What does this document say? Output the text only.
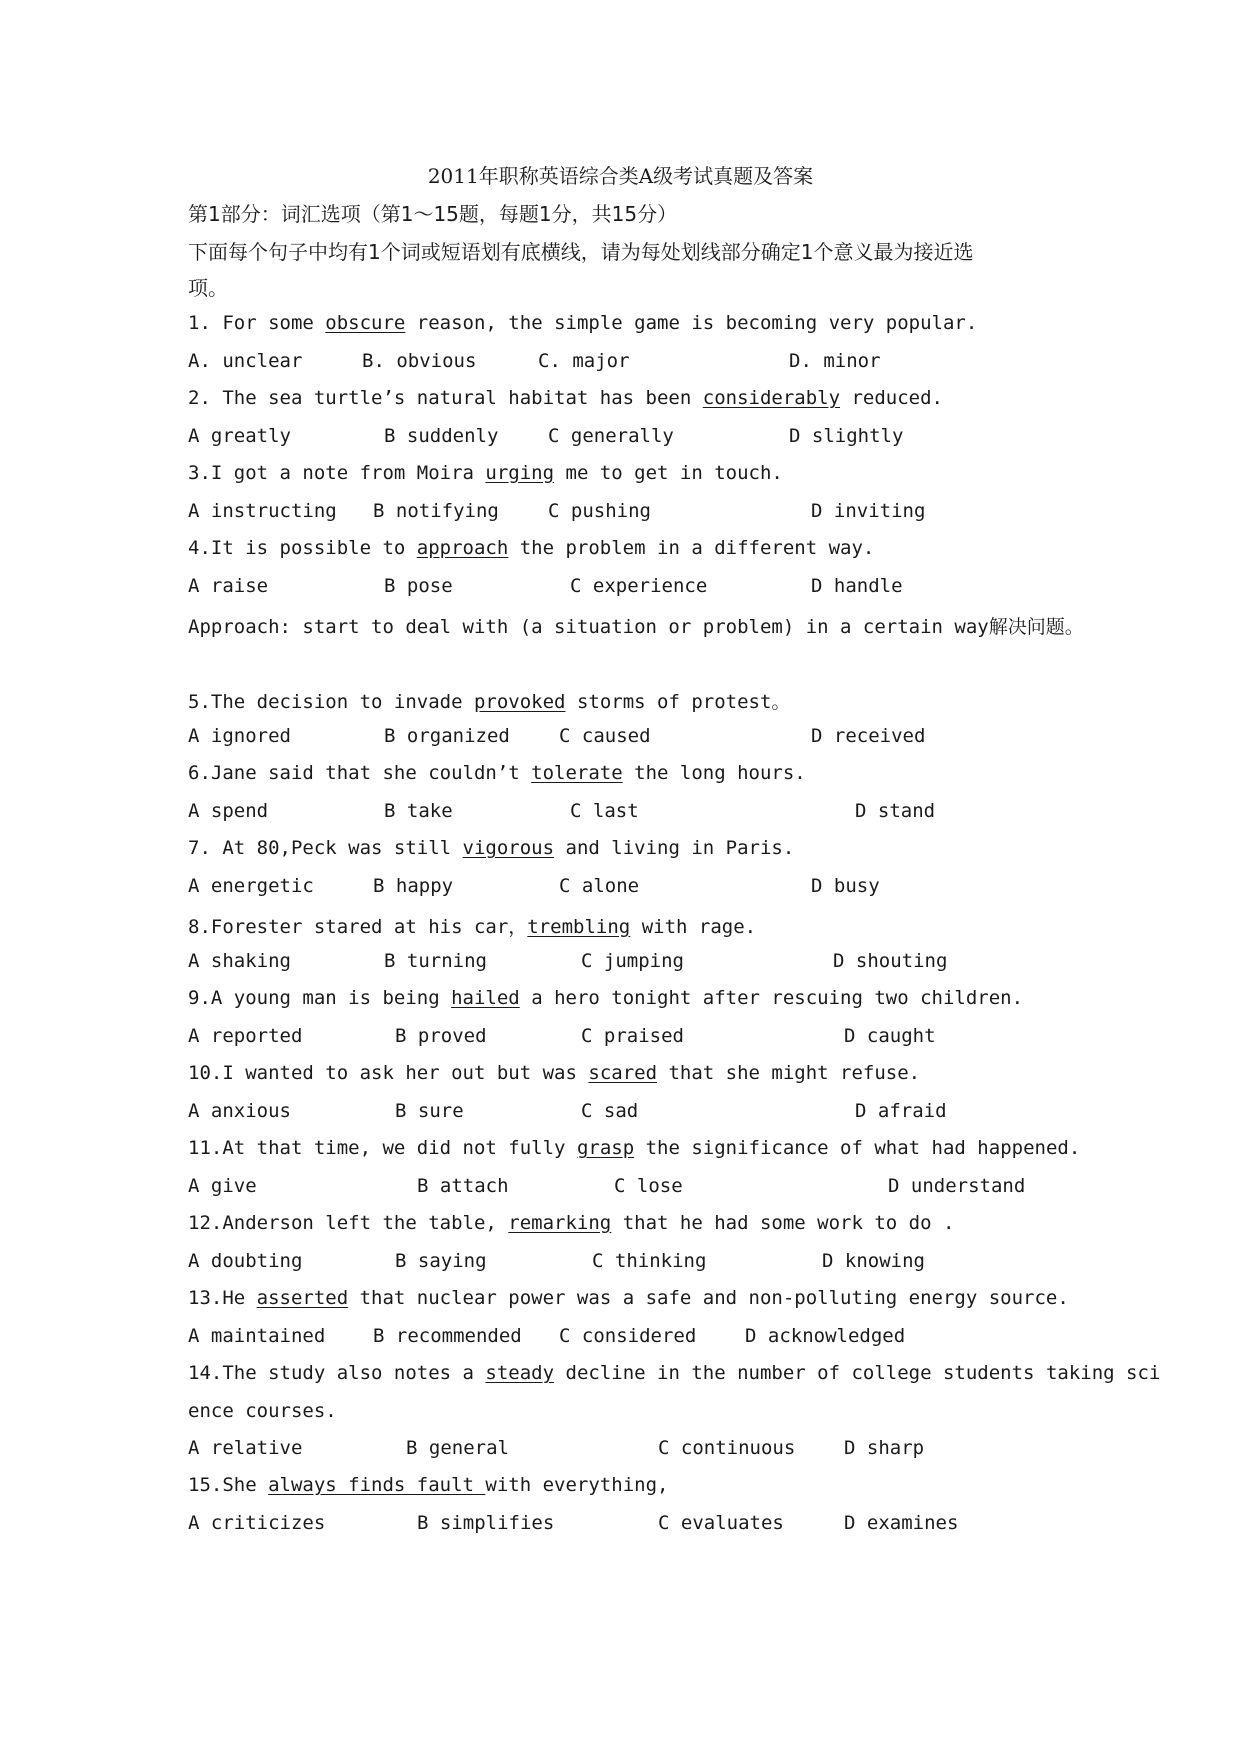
2011年职称英语综合类A级考试真题及答案
第1部分：词汇选项（第1～15题，每题1分，共15分）
下面每个句子中均有1个词或短语划有底横线，请为每处划线部分确定1个意义最为接近选
项。
1. For some obscure reason, the simple game is becoming very popular.
A. unclear	B. obvious	C. major	D. minor
2. The sea turtle’s natural habitat has been considerably reduced.
A greatly	B suddenly	C generally	D slightly
3.I got a note from Moira urging me to get in touch.
A instructing B notifying	C pushing	D inviting
4.It is possible to approach the problem in a different way.
A raise	B pose	C experience	D handle
Approach: start to deal with (a situation or problem) in a certain way解决问题。
5.The decision to invade provoked storms of protest。
A ignored	B organized	C caused	D received
6.Jane said that she couldn’t tolerate the long hours.
A spend	B take	C last	D stand
7. At 80,Peck was still vigorous and living in Paris.
A energetic	B happy	C alone	D busy
8.Forester stared at his car，trembling with rage.
A shaking	B turning	C jumping	D shouting
9.A young man is being hailed a hero tonight after rescuing two children.
A reported	B proved	C praised	D caught
10.I wanted to ask her out but was scared that she might refuse.
A anxious	B sure	C sad	D afraid
11.At that time, we did not fully grasp the significance of what had happened.
A give	B attach	C lose	D understand
12.Anderson left the table, remarking that he had some work to do .
A doubting	B saying	C thinking	D knowing
13.He asserted that nuclear power was a safe and non-polluting energy source.
A maintained	B recommended C considered	D acknowledged
14.The study also notes a steady decline in the number of college students taking sci
ence courses.
A relative	B general	C continuous	D sharp
15.She always finds fault with everything,
A criticizes	B simplifies	C evaluates	D examines
